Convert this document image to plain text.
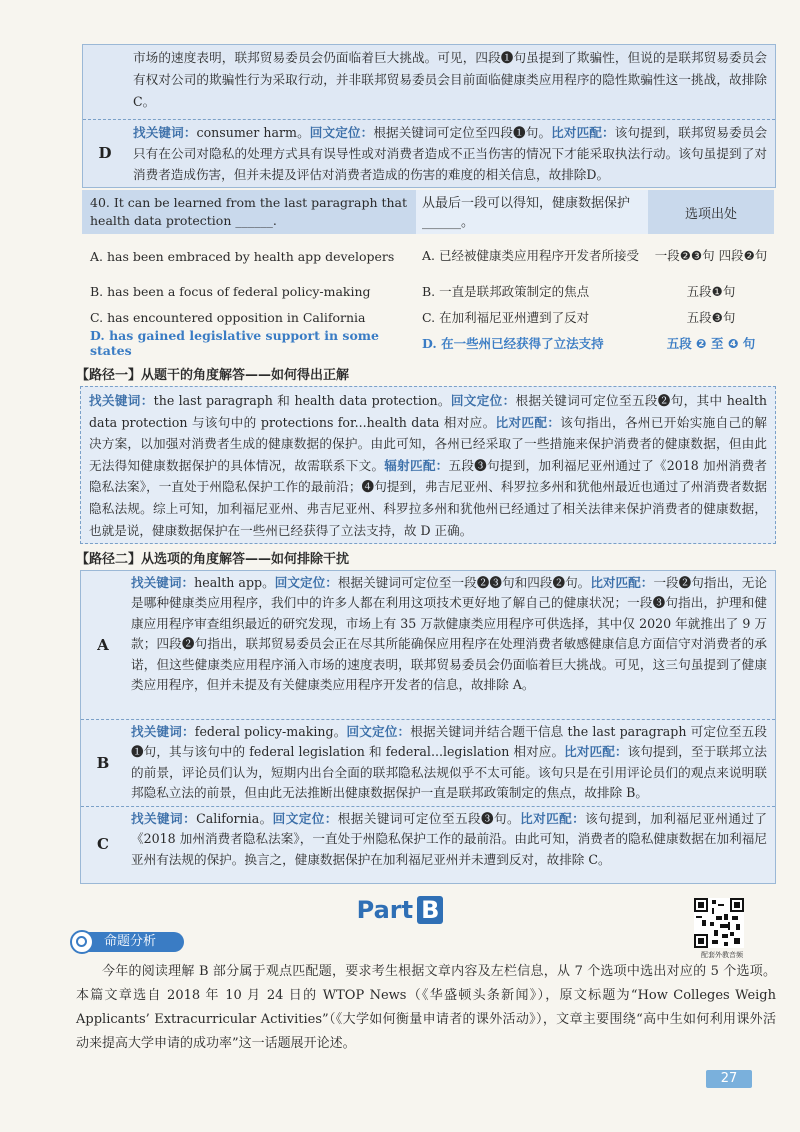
市场的速度表明，联邦贸易委员会仍面临着巨大挑战。可见，四段❶句虽提到了欺骗性，但说的是联邦贸易委员会有权对公司的欺骗性行为采取行动，并非联邦贸易委员会目前面临健康类应用程序的隐性欺骗性这一挑战，故排除 C。
D
找关键词：consumer harm。回文定位：根据关键词可定位至四段❶句。比对匹配：该句提到，联邦贸易委员会只有在公司对隐私的处理方式具有误导性或对消费者造成不正当伤害的情况下才能采取执法行动。该句虽提到了对消费者造成伤害，但并未提及评估对消费者造成的伤害的难度的相关信息，故排除D。
40. It can be learned from the last paragraph that health data protection ______.
从最后一段可以得知，健康数据保护______。
选项出处
A. has been embraced by health app developers	A. 已经被健康类应用程序开发者所接受	一段❷❸句 四段❷句
B. has been a focus of federal policy-making	B. 一直是联邦政策制定的焦点	五段❶句
C. has encountered opposition in California	C. 在加利福尼亚州遭到了反对	五段❸句
D. has gained legislative support in some states	D. 在一些州已经获得了立法支持	五段 ❷ 至 ❹ 句
【路径一】从题干的角度解答——如何得出正解
找关键词：the last paragraph 和 health data protection。回文定位：根据关键词可定位至五段❷句，其中 health data protection 与该句中的 protections for...health data 相对应。比对匹配：该句指出，各州已开始实施自己的解决方案，以加强对消费者生成的健康数据的保护。由此可知，各州已经采取了一些措施来保护消费者的健康数据，但由此无法得知健康数据保护的具体情况，故需联系下文。辐射匹配：五段❸句提到，加利福尼亚州通过了《2018 加州消费者隐私法案》，一直处于州隐私保护工作的最前沿；❹句提到，弗吉尼亚州、科罗拉多州和犹他州最近也通过了州消费者数据隐私法规。综上可知，加利福尼亚州、弗吉尼亚州、科罗拉多州和犹他州已经通过了相关法律来保护消费者的健康数据，也就是说，健康数据保护在一些州已经获得了立法支持，故 D 正确。
【路径二】从选项的角度解答——如何排除干扰
A
找关键词：health app。回文定位：根据关键词可定位至一段❷❸句和四段❷句。比对匹配：一段❷句指出，无论是哪种健康类应用程序，我们中的许多人都在利用这项技术更好地了解自己的健康状况；一段❸句指出，护理和健康应用程序审查组织最近的研究发现，市场上有 35 万款健康类应用程序可供选择，其中仅 2020 年就推出了 9 万款；四段❷句指出，联邦贸易委员会正在尽其所能确保应用程序在处理消费者敏感健康信息方面信守对消费者的承诺，但这些健康类应用程序涌入市场的速度表明，联邦贸易委员会仍面临着巨大挑战。可见，这三句虽提到了健康类应用程序，但并未提及有关健康类应用程序开发者的信息，故排除 A。
B
找关键词：federal policy-making。回文定位：根据关键词并结合题干信息 the last paragraph 可定位至五段❶句，其与该句中的 federal legislation 和 federal...legislation 相对应。比对匹配：该句提到，至于联邦立法的前景，评论员们认为，短期内出台全面的联邦隐私法规似乎不太可能。该句只是在引用评论员们的观点来说明联邦隐私立法的前景，但由此无法推断出健康数据保护一直是联邦政策制定的焦点，故排除 B。
C
找关键词：California。回文定位：根据关键词可定位至五段❸句。比对匹配：该句提到，加利福尼亚州通过了《2018 加州消费者隐私法案》，一直处于州隐私保护工作的最前沿。由此可知，消费者的隐私健康数据在加利福尼亚州有法规的保护。换言之，健康数据保护在加利福尼亚州并未遭到反对，故排除 C。
Part B
配套外教音频
命题分析
今年的阅读理解 B 部分属于观点匹配题，要求考生根据文章内容及左栏信息，从 7 个选项中选出对应的 5 个选项。本篇文章选自 2018 年 10 月 24 日的 WTOP News（《华盛顿头条新闻》），原文标题为“How Colleges Weigh Applicants’ Extracurricular Activities”（《大学如何衡量申请者的课外活动》），文章主要围绕“高中生如何利用课外活动来提高大学申请的成功率”这一话题展开论述。
27
